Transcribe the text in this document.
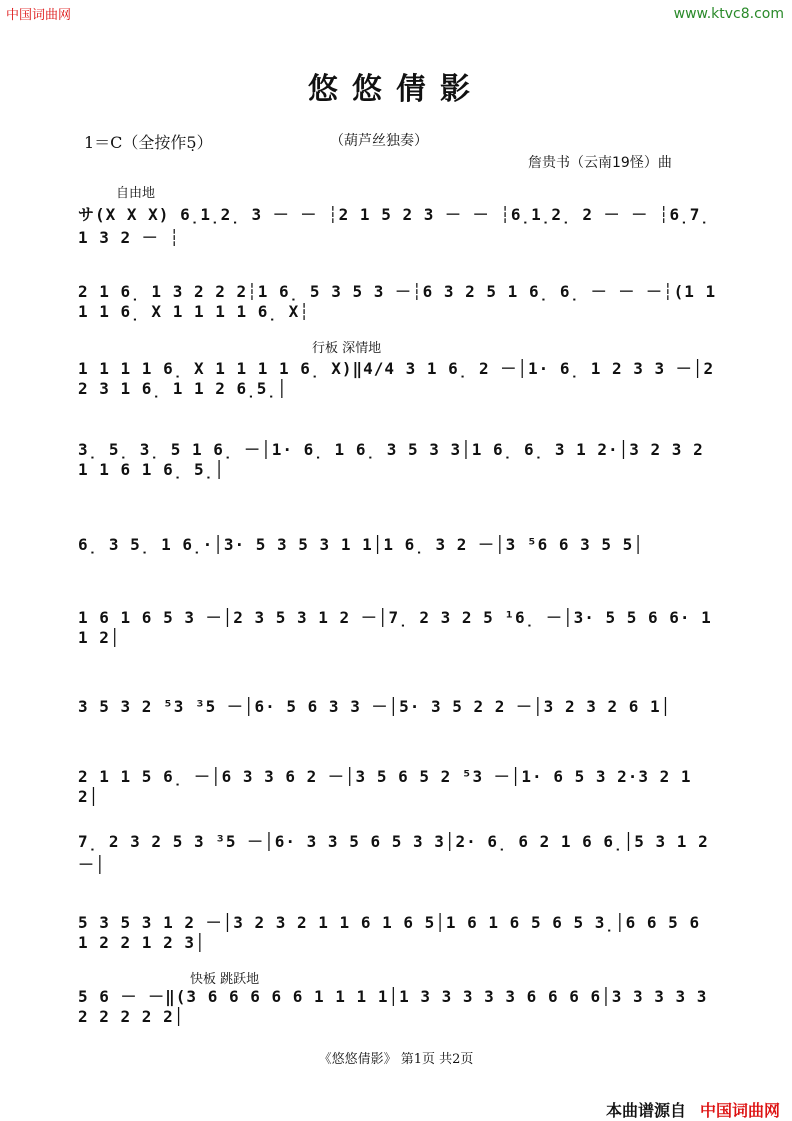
中国词曲网	www.ktvc8.com
悠悠倩影
1＝C（全按作5̣）	（葫芦丝独奏）
詹贵书（云南19怪）曲
自由地
行板 深情地
快板 跳跃地
サ(X X X) 6̣1̣2̣ 3 － － ┆2 1 5 2 3 － － ┆6̣1̣2̣ 2 － － ┆6̣7̣ 1 3 2 － ┆
2 1 6̣ 1 3 2 2 2┆1 6̣ 5 3 5 3 －┆6 3 2 5 1 6̣ 6̣ － － －┆(1 1 1 1 6̣ X 1 1 1 1 6̣ X┆
1 1 1 1 6̣ X 1 1 1 1 6̣ X)‖4/4 3 1 6̣ 2 －│1· 6̣ 1 2 3 3 －│2 2 3 1 6̣ 1 1 2 6̣5̣│
3̣ 5̣ 3̣ 5 1 6̣ －│1· 6̣ 1 6̣ 3 5 3 3│1 6̣ 6̣ 3 1 2·│3 2 3 2 1 1 6 1 6̣ 5̣│
6̣ 3 5̣ 1 6̣·│3· 5 3 5 3 1 1│1 6̣ 3 2 －│3 ⁵6 6 3 5 5│
1 6 1 6 5 3 －│2 3 5 3 1 2 －│7̣ 2 3 2 5 ¹6̣ －│3· 5 5 6 6· 1 1 2│
3 5 3 2 ⁵3 ³5 －│6· 5 6 3 3 －│5· 3 5 2 2 －│3 2 3 2 6 1│
2 1 1 5 6̣ －│6 3 3 6 2 －│3 5 6 5 2 ⁵3 －│1· 6 5 3 2·3 2 1 2│
7̣ 2 3 2 5 3 ³5 －│6· 3 3 5 6 5 3 3│2· 6̣ 6 2 1 6 6̣│5 3 1 2 －│
5 3 5 3 1 2 －│3 2 3 2 1 1 6 1 6 5│1 6 1 6 5 6 5 3̣│6 6 5 6 1 2 2 1 2 3│
5 6 － －‖(3 6 6 6 6 6 1 1 1 1│1 3 3 3 3 3 6 6 6 6│3 3 3 3 3 2 2 2 2 2│
《悠悠倩影》 第1页 共2页
本曲谱源自 中国词曲网
